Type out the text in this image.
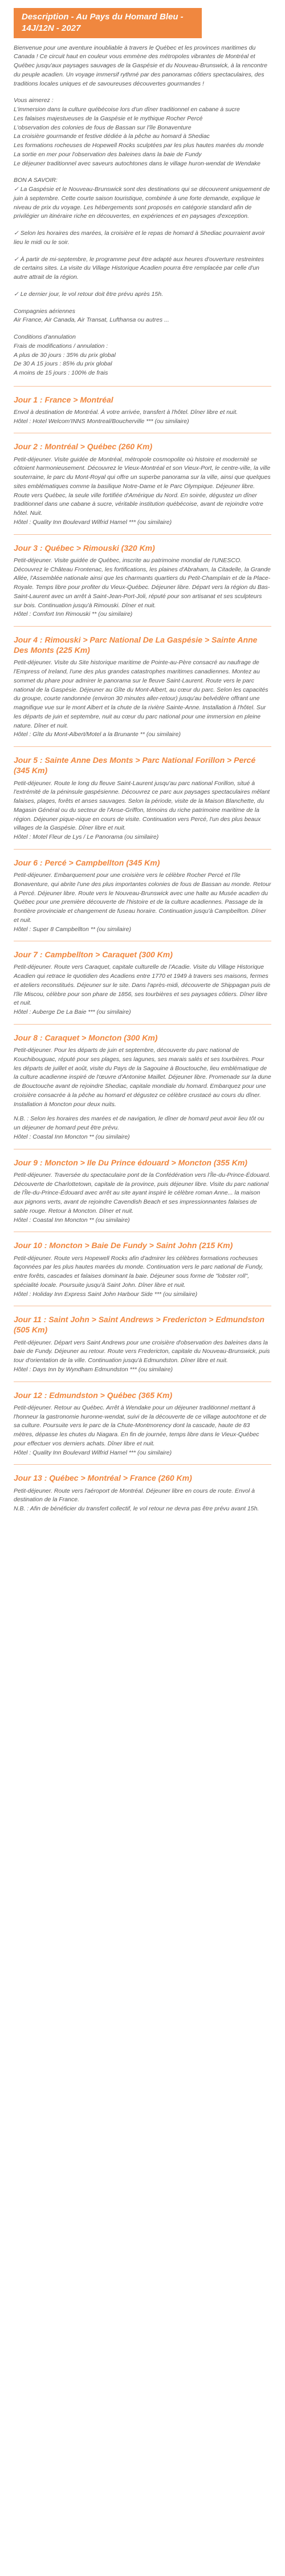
Description - Au Pays du Homard Bleu - 14J/12N - 2027

Bienvenue pour une aventure inoubliable à travers le Québec et les provinces maritimes du Canada ! Ce circuit haut en couleur vous emmène des métropoles vibrantes de Montréal et Québec jusqu'aux paysages sauvages de la Gaspésie et du Nouveau-Brunswick, à la rencontre du peuple acadien. Un voyage immersif rythmé par des panoramas côtiers spectaculaires, des traditions locales uniques et de savoureuses découvertes gourmandes !

Vous aimerez :
L'immersion dans la culture québécoise lors d'un dîner traditionnel en cabane à sucre
Les falaises majestueuses de la Gaspésie et le mythique Rocher Percé
L'observation des colonies de fous de Bassan sur l'île Bonaventure
La croisière gourmande et festive dédiée à la pêche au homard à Shediac
Les formations rocheuses de Hopewell Rocks sculptées par les plus hautes marées du monde
La sortie en mer pour l'observation des baleines dans la baie de Fundy
Le déjeuner traditionnel avec saveurs autochtones dans le village huron-wendat de Wendake

BON A SAVOIR:
✓ La Gaspésie et le Nouveau-Brunswick sont des destinations qui se découvrent uniquement de juin à septembre. Cette courte saison touristique, combinée à une forte demande, explique le niveau de prix du voyage. Les hébergements sont proposés en catégorie standard afin de privilégier un itinéraire riche en découvertes, en expériences et en paysages d'exception.

✓ Selon les horaires des marées, la croisière et le repas de homard à Shediac pourraient avoir lieu le midi ou le soir.

✓ À partir de mi-septembre, le programme peut être adapté aux heures d'ouverture restreintes de certains sites. La visite du Village Historique Acadien pourra être remplacée par celle d'un autre attrait de la région.

✓ Le dernier jour, le vol retour doit être prévu après 15h.

Compagnies aériennes
Air France, Air Canada, Air Transat, Lufthansa ou autres ...

Conditions d'annulation
Frais de modifications / annulation :
A plus de 30 jours : 35% du prix global
De 30 A 15 jours : 85% du prix global
A moins de 15 jours : 100% de frais

Jour 1 : France > Montréal

Envol à destination de Montréal. À votre arrivée, transfert à l'hôtel. Dîner libre et nuit.

Hôtel : Hotel Welcom'INNS Montreal/Boucherville *** (ou similaire)

Jour 2 : Montréal > Québec (260 Km)

Petit-déjeuner. Visite guidée de Montréal, métropole cosmopolite où histoire et modernité se côtoient harmonieusement. Découvrez le Vieux-Montréal et son Vieux-Port, le centre-ville, la ville souterraine, le parc du Mont-Royal qui offre un superbe panorama sur la ville, ainsi que quelques sites emblématiques comme la basilique Notre-Dame et le Parc Olympique. Déjeuner libre. Route vers Québec, la seule ville fortifiée d'Amérique du Nord. En soirée, dégustez un dîner traditionnel dans une cabane à sucre, véritable institution québécoise, avant de rejoindre votre hôtel. Nuit.

Hôtel : Quality Inn Boulevard Wilfrid Hamel *** (ou similaire)

Jour 3 : Québec > Rimouski (320 Km)

Petit-déjeuner. Visite guidée de Québec, inscrite au patrimoine mondial de l'UNESCO. Découvrez le Château Frontenac, les fortifications, les plaines d'Abraham, la Citadelle, la Grande Allée, l'Assemblée nationale ainsi que les charmants quartiers du Petit-Champlain et de la Place-Royale. Temps libre pour profiter du Vieux-Québec. Déjeuner libre. Départ vers la région du Bas-Saint-Laurent avec un arrêt à Saint-Jean-Port-Joli, réputé pour son artisanat et ses sculpteurs sur bois. Continuation jusqu'à Rimouski. Dîner et nuit.

Hôtel : Comfort Inn Rimouski ** (ou similaire)

Jour 4 : Rimouski > Parc National De La Gaspésie > Sainte Anne Des Monts (225 Km)

Petit-déjeuner. Visite du Site historique maritime de Pointe-au-Père consacré au naufrage de l'Empress of Ireland, l'une des plus grandes catastrophes maritimes canadiennes. Montez au sommet du phare pour admirer le panorama sur le fleuve Saint-Laurent. Route vers le parc national de la Gaspésie. Déjeuner au Gîte du Mont-Albert, au cœur du parc. Selon les capacités du groupe, courte randonnée (environ 30 minutes aller-retour) jusqu'au belvédère offrant une magnifique vue sur le mont Albert et la chute de la rivière Sainte-Anne. Installation à l'hôtel. Sur les départs de juin et septembre, nuit au cœur du parc national pour une immersion en pleine nature. Dîner et nuit.

Hôtel : Gîte du Mont-Albert/Motel a la Brunante ** (ou similaire)

Jour 5 : Sainte Anne Des Monts > Parc National Forillon > Percé (345 Km)

Petit-déjeuner. Route le long du fleuve Saint-Laurent jusqu'au parc national Forillon, situé à l'extrémité de la péninsule gaspésienne. Découvrez ce parc aux paysages spectaculaires mêlant falaises, plages, forêts et anses sauvages. Selon la période, visite de la Maison Blanchette, du Magasin Général ou du secteur de l'Anse-Griffon, témoins du riche patrimoine maritime de la région. Déjeuner pique-nique en cours de visite. Continuation vers Percé, l'un des plus beaux villages de la Gaspésie. Dîner libre et nuit.

Hôtel : Motel Fleur de Lys / Le Panorama (ou similaire)

Jour 6 : Percé > Campbellton (345 Km)

Petit-déjeuner. Embarquement pour une croisière vers le célèbre Rocher Percé et l'île Bonaventure, qui abrite l'une des plus importantes colonies de fous de Bassan au monde. Retour à Percé. Déjeuner libre. Route vers le Nouveau-Brunswick avec une halte au Musée acadien du Québec pour une première découverte de l'histoire et de la culture acadiennes. Passage de la frontière provinciale et changement de fuseau horaire. Continuation jusqu'à Campbellton. Dîner et nuit.

Hôtel : Super 8 Campbellton ** (ou similaire)

Jour 7 : Campbellton > Caraquet (300 Km)

Petit-déjeuner. Route vers Caraquet, capitale culturelle de l'Acadie. Visite du Village Historique Acadien qui retrace le quotidien des Acadiens entre 1770 et 1949 à travers ses maisons, fermes et ateliers reconstitués. Déjeuner sur le site. Dans l'après-midi, découverte de Shippagan puis de l'île Miscou, célèbre pour son phare de 1856, ses tourbières et ses paysages côtiers. Dîner libre et nuit.

Hôtel : Auberge De La Baie *** (ou similaire)

Jour 8 : Caraquet > Moncton (300 Km)

Petit-déjeuner. Pour les départs de juin et septembre, découverte du parc national de Kouchibouguac, réputé pour ses plages, ses lagunes, ses marais salés et ses tourbières. Pour les départs de juillet et août, visite du Pays de la Sagouine à Bouctouche, lieu emblématique de la culture acadienne inspiré de l'œuvre d'Antonine Maillet. Déjeuner libre. Promenade sur la dune de Bouctouche avant de rejoindre Shediac, capitale mondiale du homard. Embarquez pour une croisière consacrée à la pêche au homard et dégustez ce célèbre crustacé au cours du dîner. Installation à Moncton pour deux nuits.

N.B. : Selon les horaires des marées et de navigation, le dîner de homard peut avoir lieu tôt ou un déjeuner de homard peut être prévu.
Hôtel : Coastal Inn Moncton ** (ou similaire)

Jour 9 : Moncton > Ile Du Prince édouard > Moncton (355 Km)

Petit-déjeuner. Traversée du spectaculaire pont de la Confédération vers l'Île-du-Prince-Édouard. Découverte de Charlottetown, capitale de la province, puis déjeuner libre. Visite du parc national de l'Île-du-Prince-Édouard avec arrêt au site ayant inspiré le célèbre roman Anne... la maison aux pignons verts, avant de rejoindre Cavendish Beach et ses impressionnantes falaises de sable rouge. Retour à Moncton. Dîner et nuit.

Hôtel : Coastal Inn Moncton ** (ou similaire)

Jour 10 : Moncton > Baie De Fundy > Saint John (215 Km)

Petit-déjeuner. Route vers Hopewell Rocks afin d'admirer les célèbres formations rocheuses façonnées par les plus hautes marées du monde. Continuation vers le parc national de Fundy, entre forêts, cascades et falaises dominant la baie. Déjeuner sous forme de "lobster roll", spécialité locale. Poursuite jusqu'à Saint John. Dîner libre et nuit.

Hôtel : Holiday Inn Express Saint John Harbour Side *** (ou similaire)

Jour 11 : Saint John > Saint Andrews > Fredericton > Edmundston (505 Km)

Petit-déjeuner. Départ vers Saint Andrews pour une croisière d'observation des baleines dans la baie de Fundy. Déjeuner au retour. Route vers Fredericton, capitale du Nouveau-Brunswick, puis tour d'orientation de la ville. Continuation jusqu'à Edmundston. Dîner libre et nuit.

Hôtel : Days Inn by Wyndham Edmundston *** (ou similaire)

Jour 12 : Edmundston > Québec (365 Km)

Petit-déjeuner. Retour au Québec. Arrêt à Wendake pour un déjeuner traditionnel mettant à l'honneur la gastronomie huronne-wendat, suivi de la découverte de ce village autochtone et de sa culture. Poursuite vers le parc de la Chute-Montmorency dont la cascade, haute de 83 mètres, dépasse les chutes du Niagara. En fin de journée, temps libre dans le Vieux-Québec pour effectuer vos derniers achats. Dîner libre et nuit.

Hôtel : Quality Inn Boulevard Wilfrid Hamel *** (ou similaire)

Jour 13 : Québec > Montréal > France (260 Km)

Petit-déjeuner. Route vers l'aéroport de Montréal. Déjeuner libre en cours de route. Envol à destination de la France.
N.B. : Afin de bénéficier du transfert collectif, le vol retour ne devra pas être prévu avant 15h.
